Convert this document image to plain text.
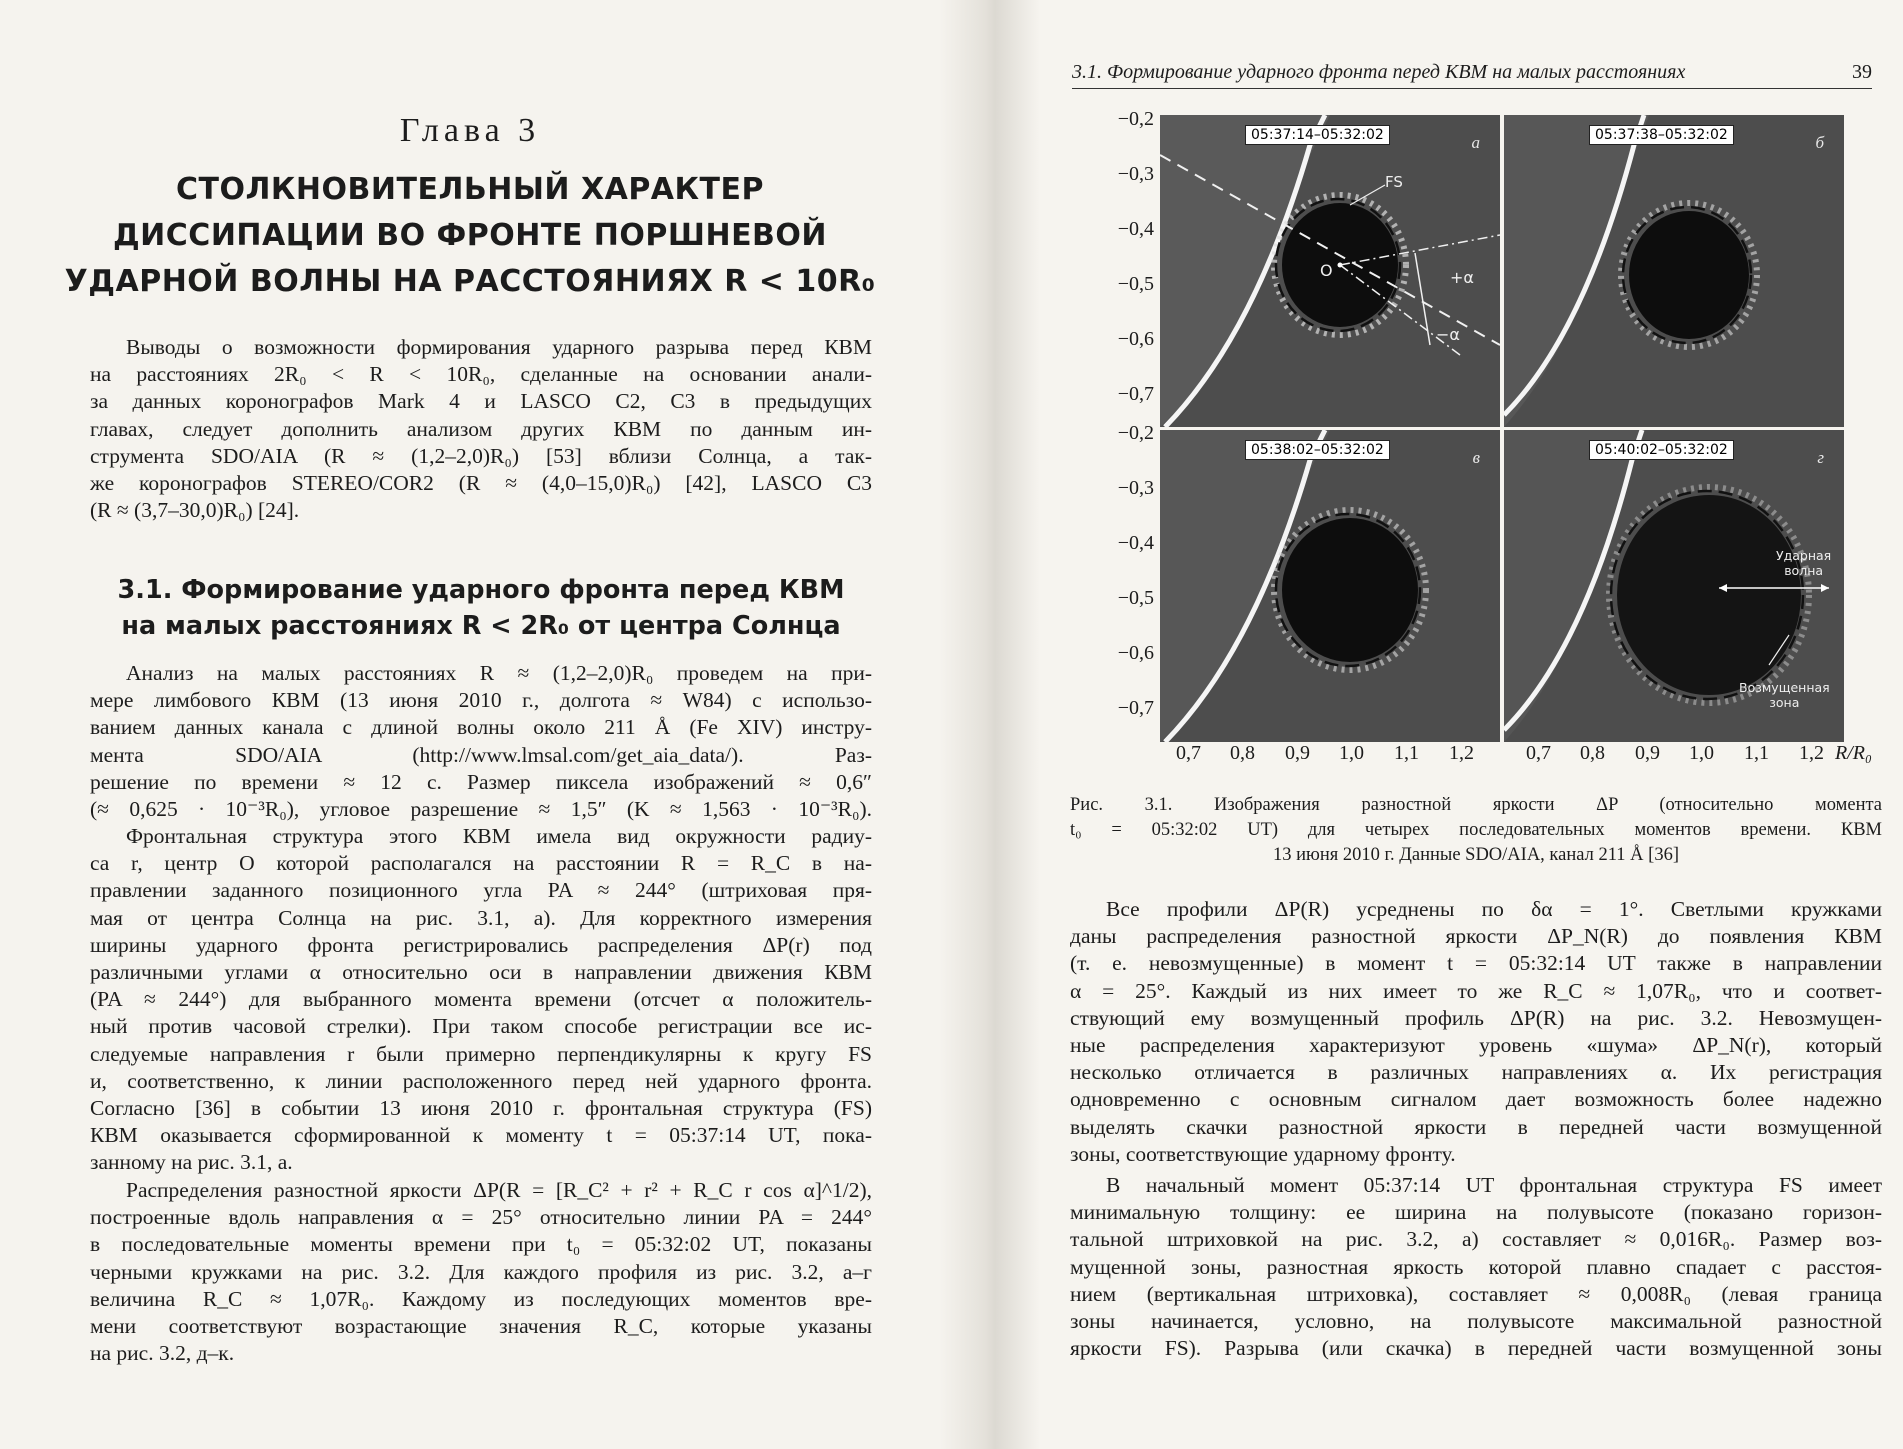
Глава 3
СТОЛКНОВИТЕЛЬНЫЙ ХАРАКТЕР
ДИССИПАЦИИ ВО ФРОНТЕ ПОРШНЕВОЙ
УДАРНОЙ ВОЛНЫ НА РАССТОЯНИЯХ R < 10R₀
Выводы о возможности формирования ударного разрыва перед КВМ
на расстояниях 2R₀ < R < 10R₀, сделанные на основании анали-
за данных коронографов Mark 4 и LASCO C2, C3 в предыдущих
главах, следует дополнить анализом других КВМ по данным ин-
струмента SDO/AIA (R ≈ (1,2–2,0)R₀) [53] вблизи Солнца, а так-
же коронографов STEREO/COR2 (R ≈ (4,0–15,0)R₀) [42], LASCO C3
(R ≈ (3,7–30,0)R₀) [24].
3.1. Формирование ударного фронта перед КВМ
на малых расстояниях R < 2R₀ от центра Солнца
Анализ на малых расстояниях R ≈ (1,2–2,0)R₀ проведем на при-
мере лимбового КВМ (13 июня 2010 г., долгота ≈ W84) с использо-
ванием данных канала с длиной волны около 211 Å (Fe XIV) инстру-
мента SDO/AIA (http://www.lmsal.com/get_aia_data/). Раз-
решение по времени ≈ 12 с. Размер пиксела изображений ≈ 0,6″
(≈ 0,625 · 10⁻³R₀), угловое разрешение ≈ 1,5″ (K ≈ 1,563 · 10⁻³R₀).
Фронтальная структура этого КВМ имела вид окружности радиу-
са r, центр O которой располагался на расстоянии R = R_C в на-
правлении заданного позиционного угла PA ≈ 244° (штриховая пря-
мая от центра Солнца на рис. 3.1, а). Для корректного измерения
ширины ударного фронта регистрировались распределения ΔP(r) под
различными углами α относительно оси в направлении движения КВМ
(PA ≈ 244°) для выбранного момента времени (отсчет α положитель-
ный против часовой стрелки). При таком способе регистрации все ис-
следуемые направления r были примерно перпендикулярны к кругу FS
и, соответственно, к линии расположенного перед ней ударного фронта.
Согласно [36] в событии 13 июня 2010 г. фронтальная структура (FS)
КВМ оказывается сформированной к моменту t = 05:37:14 UT, пока-
занному на рис. 3.1, а.
Распределения разностной яркости ΔP(R = [R_C² + r² + R_C r cos α]^1/2),
построенные вдоль направления α = 25° относительно линии PA = 244°
в последовательные моменты времени при t₀ = 05:32:02 UT, показаны
черными кружками на рис. 3.2. Для каждого профиля из рис. 3.2, а–г
величина R_C ≈ 1,07R₀. Каждому из последующих моментов вре-
мени соответствуют возрастающие значения R_C, которые указаны
на рис. 3.2, д–к.
3.1. Формирование ударного фронта перед КВМ на малых расстояниях	39
−0,2
−0,3
−0,4
−0,5
−0,6
−0,7
−0,2
−0,3
−0,4
−0,5
−0,6
−0,7
05:37:14–05:32:02	а
FS
O	+α
−α
05:37:38–05:32:02	б
05:38:02–05:32:02	в	05:40:02–05:32:02	г
Ударная
волна
Возмущенная
зона
0,7 0,8 0,9 1,0 1,1 1,2	0,7 0,8 0,9 1,0 1,1 1,2 R/R₀
Рис. 3.1. Изображения разностной яркости ΔP (относительно момента
t₀ = 05:32:02 UT) для четырех последовательных моментов времени. КВМ
13 июня 2010 г. Данные SDO/AIA, канал 211 Å [36]
Все профили ΔP(R) усреднены по δα = 1°. Светлыми кружками
даны распределения разностной яркости ΔP_N(R) до появления КВМ
(т. е. невозмущенные) в момент t = 05:32:14 UT также в направлении
α = 25°. Каждый из них имеет то же R_C ≈ 1,07R₀, что и соответ-
ствующий ему возмущенный профиль ΔP(R) на рис. 3.2. Невозмущен-
ные распределения характеризуют уровень «шума» ΔP_N(r), который
несколько отличается в различных направлениях α. Их регистрация
одновременно с основным сигналом дает возможность более надежно
выделять скачки разностной яркости в передней части возмущенной
зоны, соответствующие ударному фронту.
В начальный момент 05:37:14 UT фронтальная структура FS имеет
минимальную толщину: ее ширина на полувысоте (показано горизон-
тальной штриховкой на рис. 3.2, а) составляет ≈ 0,016R₀. Размер воз-
мущенной зоны, разностная яркость которой плавно спадает с расстоя-
нием (вертикальная штриховка), составляет ≈ 0,008R₀ (левая граница
зоны начинается, условно, на полувысоте максимальной разностной
яркости FS). Разрыва (или скачка) в передней части возмущенной зоны
